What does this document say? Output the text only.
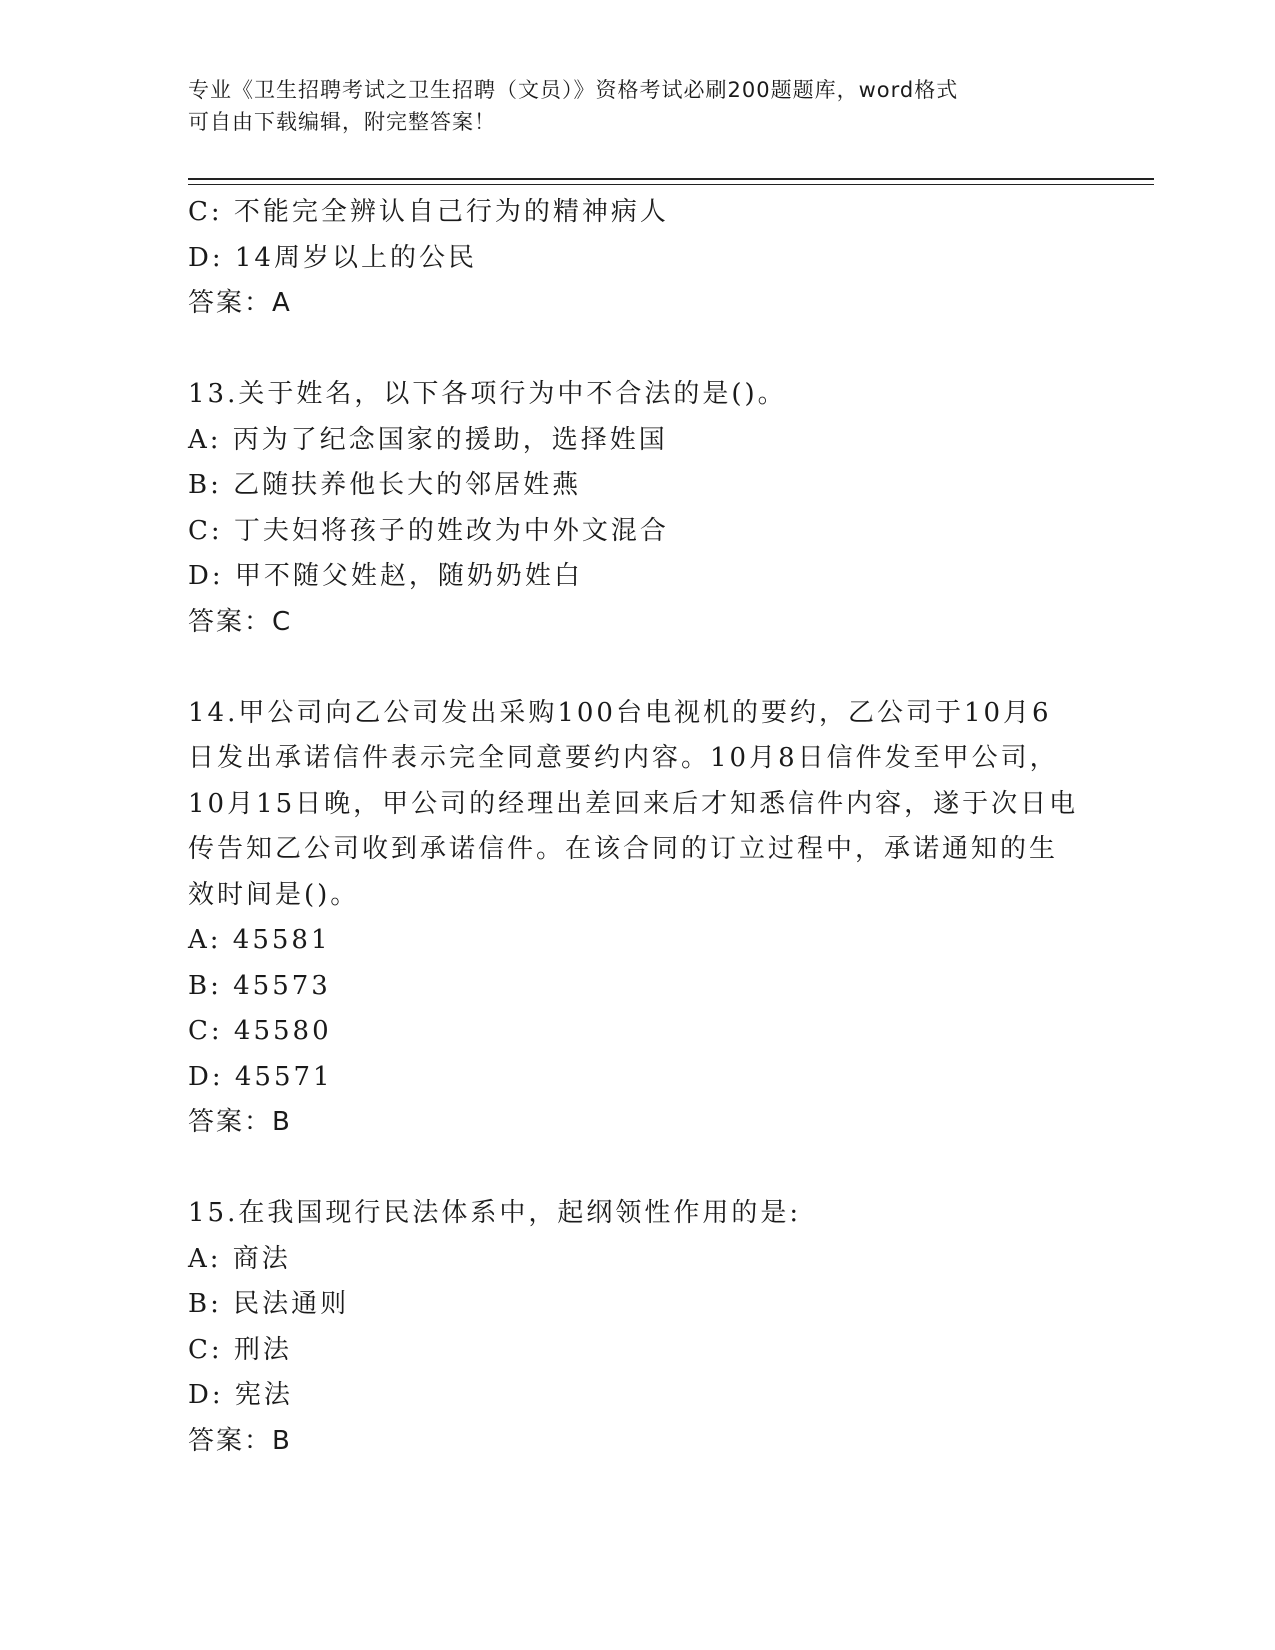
专业《卫生招聘考试之卫生招聘（文员）》资格考试必刷200题题库，word格式
可自由下载编辑，附完整答案！
C: 不能完全辨认自己行为的精神病人
D: 14周岁以上的公民
答案：A
13.关于姓名，以下各项行为中不合法的是()。
A: 丙为了纪念国家的援助，选择姓国
B: 乙随扶养他长大的邻居姓燕
C: 丁夫妇将孩子的姓改为中外文混合
D: 甲不随父姓赵，随奶奶姓白
答案：C
14.甲公司向乙公司发出采购100台电视机的要约，乙公司于10月6
日发出承诺信件表示完全同意要约内容。10月8日信件发至甲公司，
10月15日晚，甲公司的经理出差回来后才知悉信件内容，遂于次日电
传告知乙公司收到承诺信件。在该合同的订立过程中，承诺通知的生
效时间是()。
A: 45581
B: 45573
C: 45580
D: 45571
答案：B
15.在我国现行民法体系中，起纲领性作用的是:
A: 商法
B: 民法通则
C: 刑法
D: 宪法
答案：B
